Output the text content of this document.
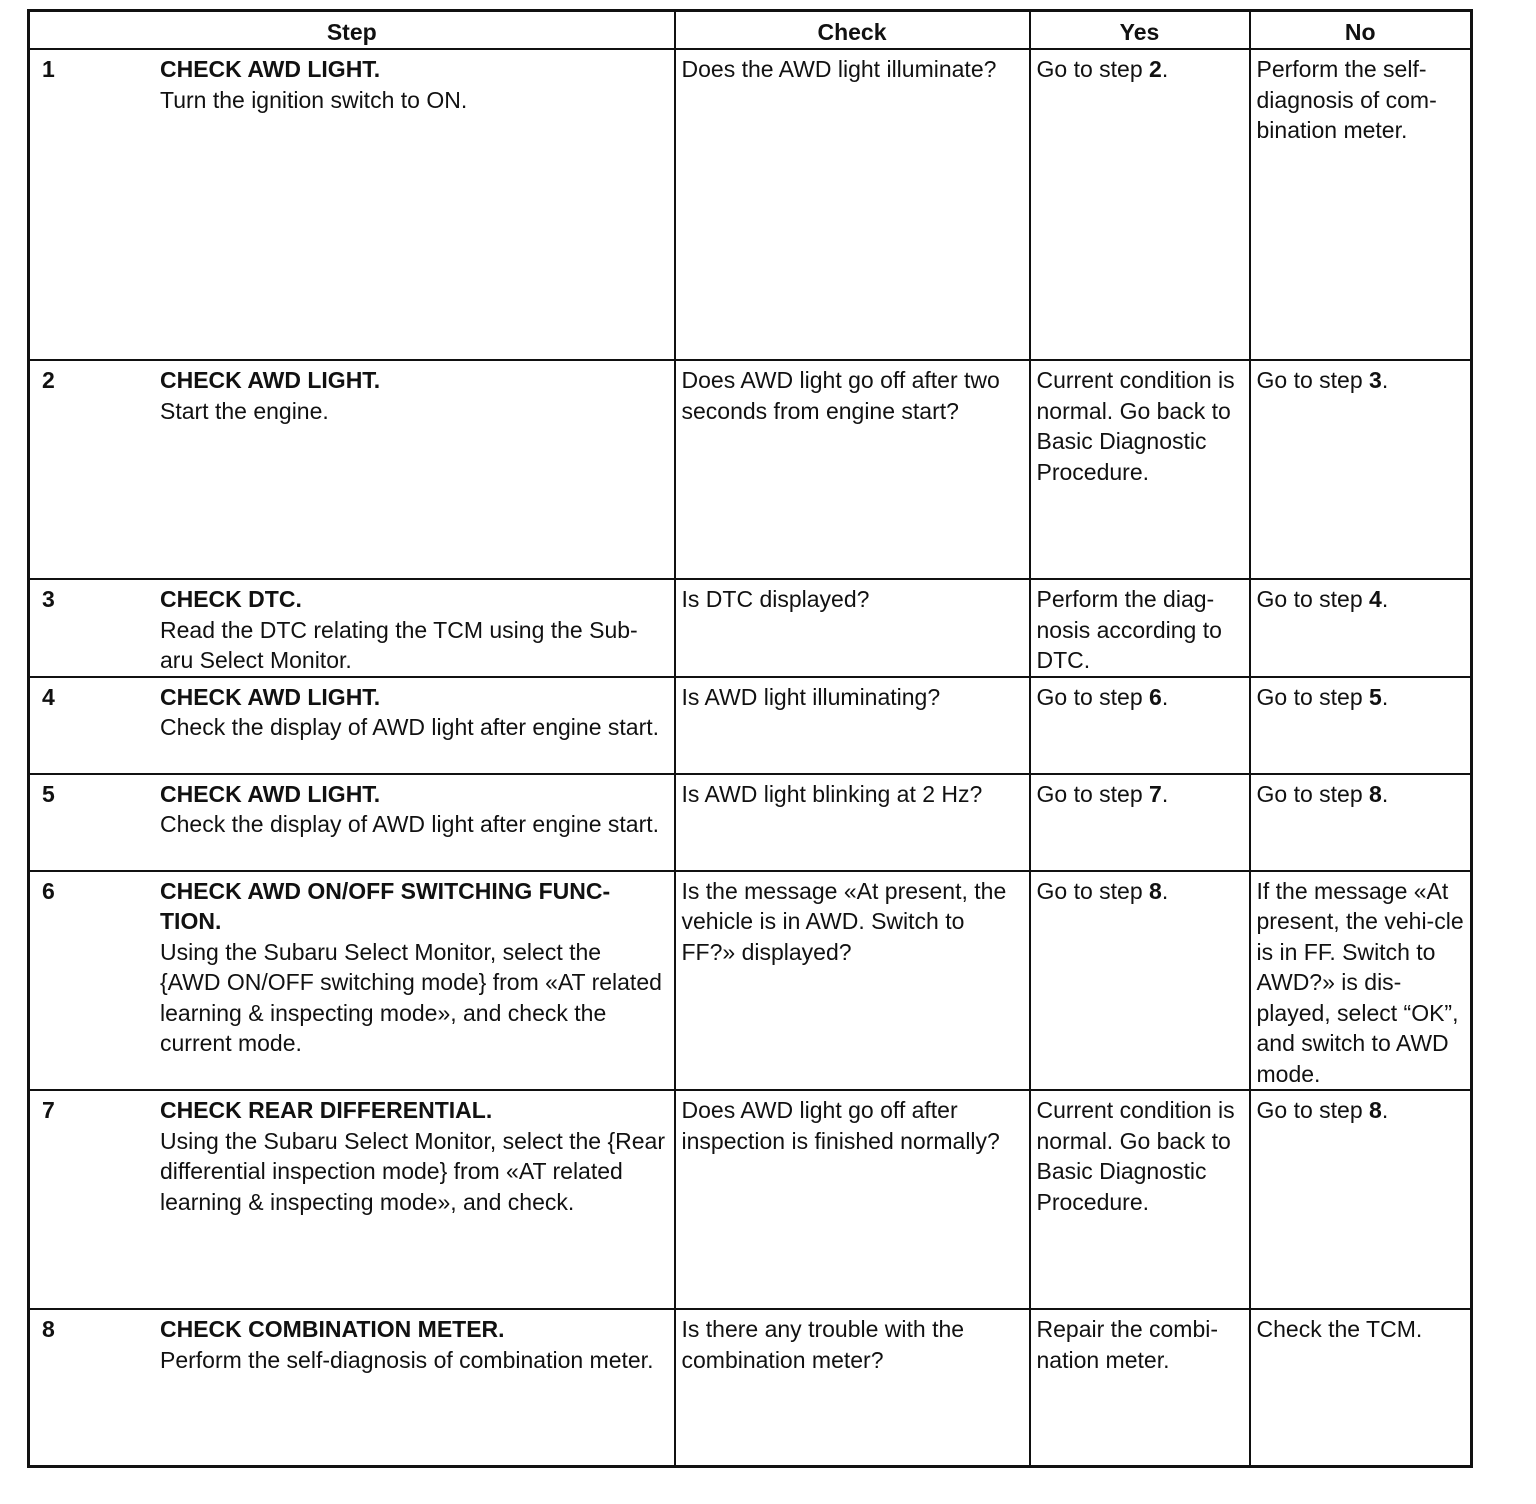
Step	Check	Yes	No

1 CHECK AWD LIGHT.
Turn the ignition switch to ON.	Does the AWD light illuminate?	Go to step 2.	Perform the self-diagnosis of com-bination meter.

2 CHECK AWD LIGHT.
Start the engine.	Does AWD light go off after two seconds from engine start?	Current condition is normal. Go back to Basic Diagnostic Procedure.	Go to step 3.

3 CHECK DTC.
Read the DTC relating the TCM using the Sub-aru Select Monitor.	Is DTC displayed?	Perform the diag-nosis according to DTC.	Go to step 4.

4 CHECK AWD LIGHT.
Check the display of AWD light after engine start.	Is AWD light illuminating?	Go to step 6.	Go to step 5.

5 CHECK AWD LIGHT.
Check the display of AWD light after engine start.	Is AWD light blinking at 2 Hz?	Go to step 7.	Go to step 8.

6 CHECK AWD ON/OFF SWITCHING FUNC-TION.
Using the Subaru Select Monitor, select the {AWD ON/OFF switching mode} from «AT related learning & inspecting mode», and check the current mode.	Is the message «At present, the vehicle is in AWD. Switch to FF?» displayed?	Go to step 8.	If the message «At present, the vehi-cle is in FF. Switch to AWD?» is dis-played, select “OK”, and switch to AWD mode.

7 CHECK REAR DIFFERENTIAL.
Using the Subaru Select Monitor, select the {Rear differential inspection mode} from «AT related learning & inspecting mode», and check.	Does AWD light go off after inspection is finished normally?	Current condition is normal. Go back to Basic Diagnostic Procedure.	Go to step 8.

8 CHECK COMBINATION METER.
Perform the self-diagnosis of combination meter.	Is there any trouble with the combination meter?	Repair the combi-nation meter.	Check the TCM.
